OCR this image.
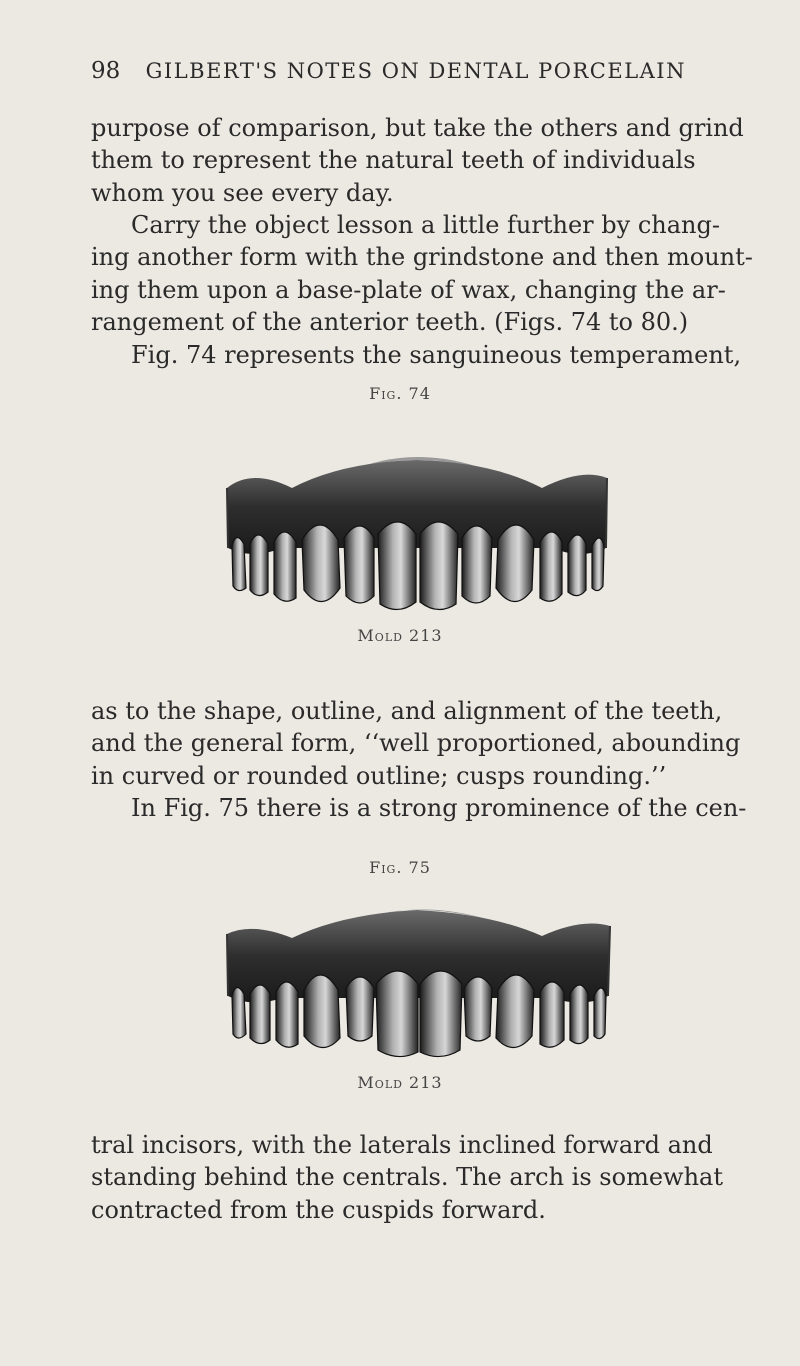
98 GILBERT'S NOTES ON DENTAL PORCELAIN
purpose of comparison, but take the others and grind
them to represent the natural teeth of individuals
whom you see every day.
Carry the object lesson a little further by chang-
ing another form with the grindstone and then mount-
ing them upon a base-plate of wax, changing the ar-
rangement of the anterior teeth. (Figs. 74 to 80.)
Fig. 74 represents the sanguineous temperament,
Fig. 74
Mold 213
as to the shape, outline, and alignment of the teeth,
and the general form, ‘‘well proportioned, abounding
in curved or rounded outline; cusps rounding.’’
In Fig. 75 there is a strong prominence of the cen-
Fig. 75
Mold 213
tral incisors, with the laterals inclined forward and
standing behind the centrals. The arch is somewhat
contracted from the cuspids forward.
